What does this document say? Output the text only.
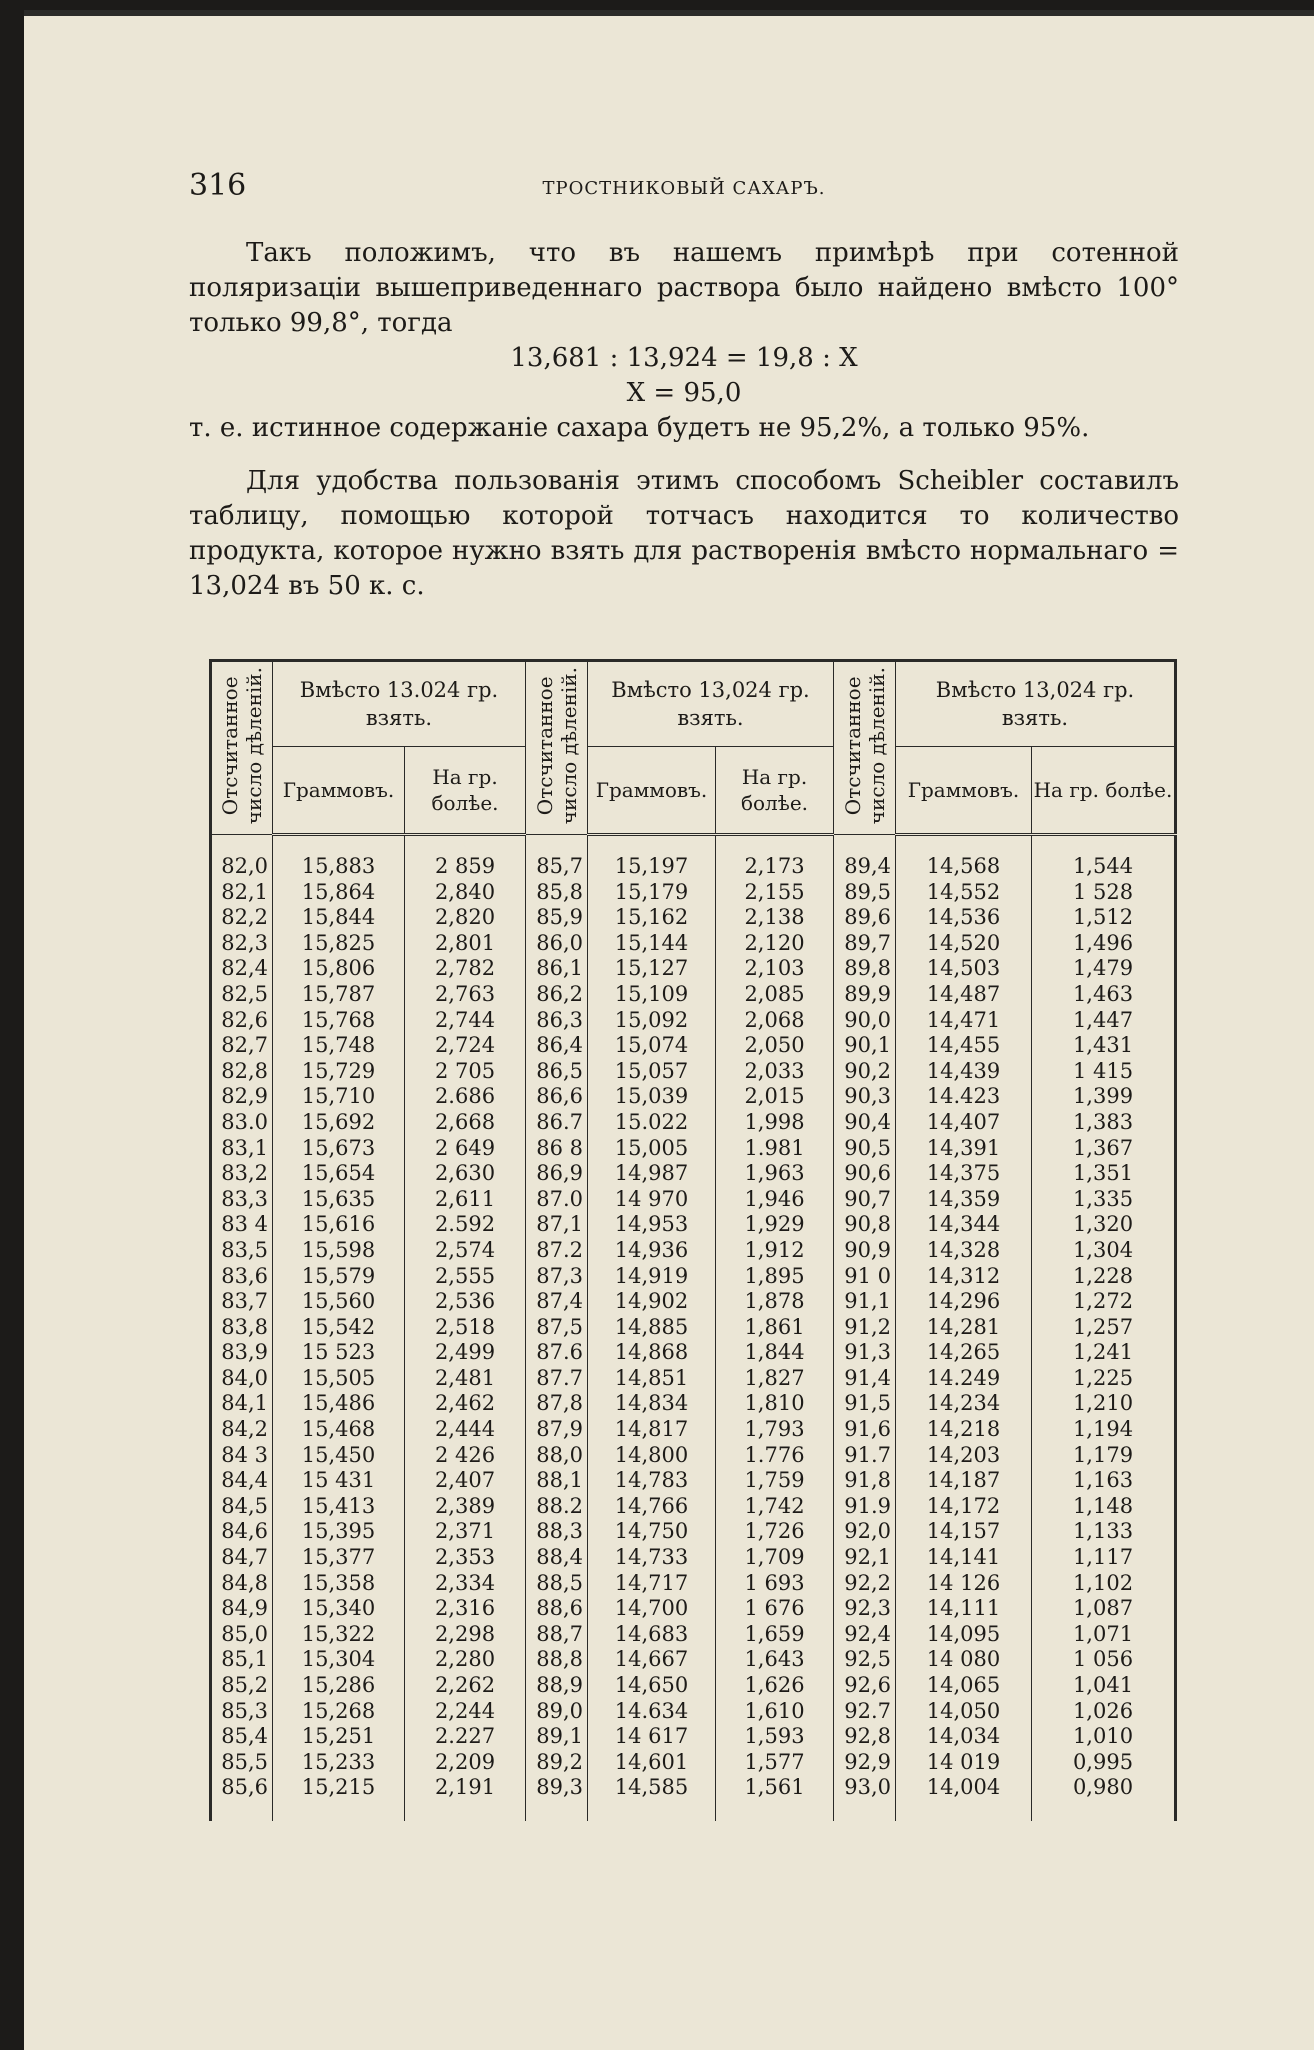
316	ТРОСТНИКОВЫЙ САХАРЪ.

Такъ положимъ, что въ нашемъ примѣрѣ при сотенной поляризаціи вышеприведеннаго раствора было найдено вмѣсто 100° только 99,8°, тогда

13,681 : 13,924 = 19,8 : X

X = 95,0

т. е. истинное содержаніе сахара будетъ не 95,2%, а только 95%.

Для удобства пользованія этимъ способомъ Scheibler составилъ таблицу, помощью которой тотчасъ находится то количество продукта, которое нужно взять для растворенія вмѣсто нормальнаго = 13,024 въ 50 к. с.

Отсчитанное
число дѣленій.	Вмѣсто 13.024 гр. взять.		Отсчитанное
число дѣленій.	Вмѣсто 13,024 гр. взять.		Отсчитанное
число дѣленій.	Вмѣсто 13,024 гр. взять.	
	Граммовъ.	На гр. болѣе.		Граммовъ.	На гр. болѣе.		Граммовъ.	На гр. болѣе.
82,0	15,883	2 859	85,7	15,197	2,173	89,4	14,568	1,544
82,1	15,864	2,840	85,8	15,179	2,155	89,5	14,552	1 528
82,2	15,844	2,820	85,9	15,162	2,138	89,6	14,536	1,512
82,3	15,825	2,801	86,0	15,144	2,120	89,7	14,520	1,496
82,4	15,806	2,782	86,1	15,127	2,103	89,8	14,503	1,479
82,5	15,787	2,763	86,2	15,109	2,085	89,9	14,487	1,463
82,6	15,768	2,744	86,3	15,092	2,068	90,0	14,471	1,447
82,7	15,748	2,724	86,4	15,074	2,050	90,1	14,455	1,431
82,8	15,729	2 705	86,5	15,057	2,033	90,2	14,439	1 415
82,9	15,710	2.686	86,6	15,039	2,015	90,3	14.423	1,399
83.0	15,692	2,668	86.7	15.022	1,998	90,4	14,407	1,383
83,1	15,673	2 649	86 8	15,005	1.981	90,5	14,391	1,367
83,2	15,654	2,630	86,9	14,987	1,963	90,6	14,375	1,351
83,3	15,635	2,611	87.0	14 970	1,946	90,7	14,359	1,335
83 4	15,616	2.592	87,1	14,953	1,929	90,8	14,344	1,320
83,5	15,598	2,574	87.2	14,936	1,912	90,9	14,328	1,304
83,6	15,579	2,555	87,3	14,919	1,895	91 0	14,312	1,228
83,7	15,560	2,536	87,4	14,902	1,878	91,1	14,296	1,272
83,8	15,542	2,518	87,5	14,885	1,861	91,2	14,281	1,257
83,9	15 523	2,499	87.6	14,868	1,844	91,3	14,265	1,241
84,0	15,505	2,481	87.7	14,851	1,827	91,4	14.249	1,225
84,1	15,486	2,462	87,8	14,834	1,810	91,5	14,234	1,210
84,2	15,468	2,444	87,9	14,817	1,793	91,6	14,218	1,194
84 3	15,450	2 426	88,0	14,800	1.776	91.7	14,203	1,179
84,4	15 431	2,407	88,1	14,783	1,759	91,8	14,187	1,163
84,5	15,413	2,389	88.2	14,766	1,742	91.9	14,172	1,148
84,6	15,395	2,371	88,3	14,750	1,726	92,0	14,157	1,133
84,7	15,377	2,353	88,4	14,733	1,709	92,1	14,141	1,117
84,8	15,358	2,334	88,5	14,717	1 693	92,2	14 126	1,102
84,9	15,340	2,316	88,6	14,700	1 676	92,3	14,111	1,087
85,0	15,322	2,298	88,7	14,683	1,659	92,4	14,095	1,071
85,1	15,304	2,280	88,8	14,667	1,643	92,5	14 080	1 056
85,2	15,286	2,262	88,9	14,650	1,626	92,6	14,065	1,041
85,3	15,268	2,244	89,0	14.634	1,610	92.7	14,050	1,026
85,4	15,251	2.227	89,1	14 617	1,593	92,8	14,034	1,010
85,5	15,233	2,209	89,2	14,601	1,577	92,9	14 019	0,995
85,6	15,215	2,191	89,3	14,585	1,561	93,0	14,004	0,980
